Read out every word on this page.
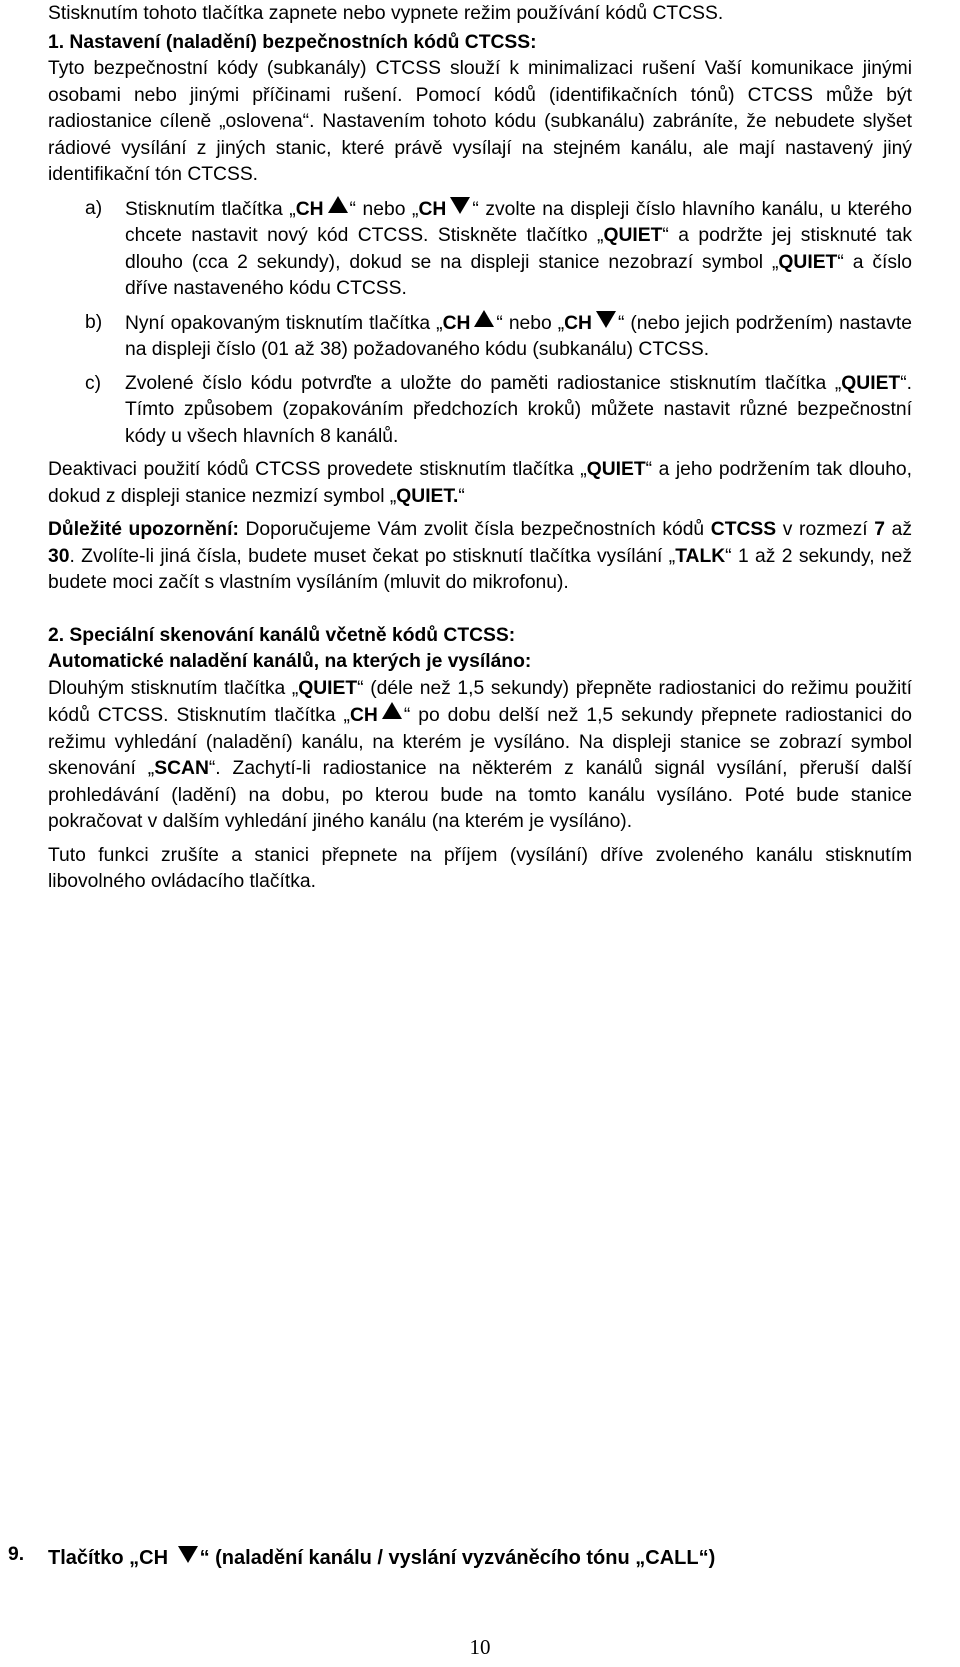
Stisknutím tohoto tlačítka zapnete nebo vypnete režim používání kódů CTCSS.

1. Nastavení (naladění) bezpečnostních kódů CTCSS:

Tyto bezpečnostní kódy (subkanály) CTCSS slouží k minimalizaci rušení Vaší komunikace jinými osobami nebo jinými příčinami rušení. Pomocí kódů (identifikačních tónů) CTCSS může být radiostanice cíleně „oslovena“. Nastavením tohoto kódu (subkanálu) zabráníte, že nebudete slyšet rádiové vysílání z jiných stanic, které právě vysílají na stejném kanálu, ale mají nastavený jiný identifikační tón CTCSS.

a) Stisknutím tlačítka „CH “ nebo „CH “ zvolte na displeji číslo hlavního kanálu, u kterého chcete nastavit nový kód CTCSS. Stiskněte tlačítko „QUIET“ a podržte jej stisknuté tak dlouho (cca 2 sekundy), dokud se na displeji stanice nezobrazí symbol „QUIET“ a číslo dříve nastaveného kódu CTCSS.
b) Nyní opakovaným tisknutím tlačítka „CH “ nebo „CH “ (nebo jejich podržením) nastavte na displeji číslo (01 až 38) požadovaného kódu (subkanálu) CTCSS.
c) Zvolené číslo kódu potvrďte a uložte do paměti radiostanice stisknutím tlačítka „QUIET“. Tímto způsobem (zopakováním předchozích kroků) můžete nastavit různé bezpečnostní kódy u všech hlavních 8 kanálů.

Deaktivaci použití kódů CTCSS provedete stisknutím tlačítka „QUIET“ a jeho podržením tak dlouho, dokud z displeji stanice nezmizí symbol „QUIET.“

Důležité upozornění: Doporučujeme Vám zvolit čísla bezpečnostních kódů CTCSS v rozmezí 7 až 30. Zvolíte-li jiná čísla, budete muset čekat po stisknutí tlačítka vysílání „TALK“ 1 až 2 sekundy, než budete moci začít s vlastním vysíláním (mluvit do mikrofonu).

2. Speciální skenování kanálů včetně kódů CTCSS:

Automatické naladění kanálů, na kterých je vysíláno:

Dlouhým stisknutím tlačítka „QUIET“ (déle než 1,5 sekundy) přepněte radiostanici do režimu použití kódů CTCSS. Stisknutím tlačítka „CH “ po dobu delší než 1,5 sekundy přepnete radiostanici do režimu vyhledání (naladění) kanálu, na kterém je vysíláno. Na displeji stanice se zobrazí symbol skenování „SCAN“. Zachytí-li radiostanice na některém z kanálů signál vysílání, přeruší další prohledávání (ladění) na dobu, po kterou bude na tomto kanálu vysíláno. Poté bude stanice pokračovat v dalším vyhledání jiného kanálu (na kterém je vysíláno).

Tuto funkci zrušíte a stanici přepnete na příjem (vysílání) dříve zvoleného kanálu stisknutím libovolného ovládacího tlačítka.

9. Tlačítko „CH “ (naladění kanálu / vyslání vyzváněcího tónu „CALL“)
10
